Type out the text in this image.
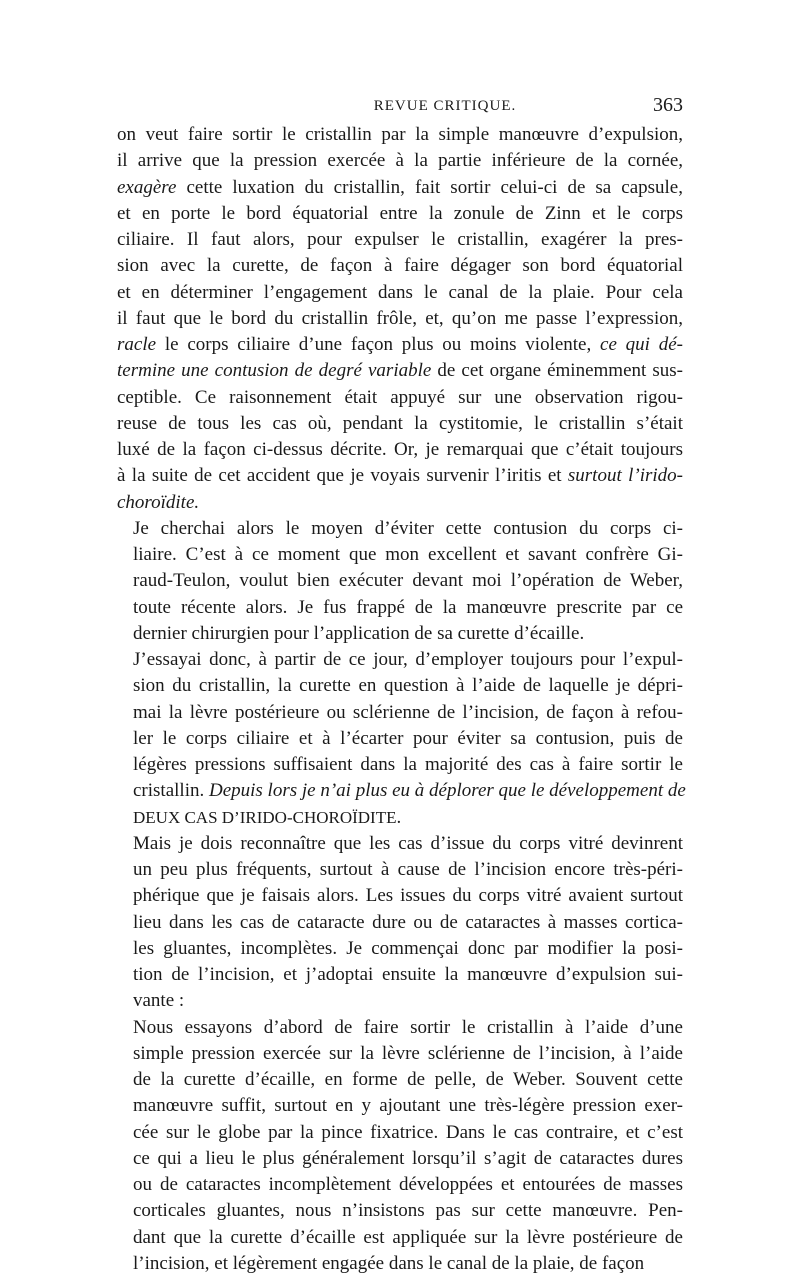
REVUE CRITIQUE.	363

on veut faire sortir le cristallin par la simple manœuvre d’expulsion,
il arrive que la pression exercée à la partie inférieure de la cornée,
exagère cette luxation du cristallin, fait sortir celui-ci de sa capsule,
et en porte le bord équatorial entre la zonule de Zinn et le corps
ciliaire. Il faut alors, pour expulser le cristallin, exagérer la pres-
sion avec la curette, de façon à faire dégager son bord équatorial
et en déterminer l’engagement dans le canal de la plaie. Pour cela
il faut que le bord du cristallin frôle, et, qu’on me passe l’expression,
racle le corps ciliaire d’une façon plus ou moins violente, ce qui dé-
termine une contusion de degré variable de cet organe éminemment sus-
ceptible. Ce raisonnement était appuyé sur une observation rigou-
reuse de tous les cas où, pendant la cystitomie, le cristallin s’était
luxé de la façon ci-dessus décrite. Or, je remarquai que c’était toujours
à la suite de cet accident que je voyais survenir l’iritis et surtout l’irido-
choroïdite.

Je cherchai alors le moyen d’éviter cette contusion du corps ci-
liaire. C’est à ce moment que mon excellent et savant confrère Gi-
raud-Teulon, voulut bien exécuter devant moi l’opération de Weber,
toute récente alors. Je fus frappé de la manœuvre prescrite par ce
dernier chirurgien pour l’application de sa curette d’écaille.

J’essayai donc, à partir de ce jour, d’employer toujours pour l’expul-
sion du cristallin, la curette en question à l’aide de laquelle je dépri-
mai la lèvre postérieure ou sclérienne de l’incision, de façon à refou-
ler le corps ciliaire et à l’écarter pour éviter sa contusion, puis de
légères pressions suffisaient dans la majorité des cas à faire sortir le
cristallin. Depuis lors je n’ai plus eu à déplorer que le développement de
DEUX CAS D’IRIDO-CHOROÏDITE.

Mais je dois reconnaître que les cas d’issue du corps vitré devinrent
un peu plus fréquents, surtout à cause de l’incision encore très-péri-
phérique que je faisais alors. Les issues du corps vitré avaient surtout
lieu dans les cas de cataracte dure ou de cataractes à masses cortica-
les gluantes, incomplètes. Je commençai donc par modifier la posi-
tion de l’incision, et j’adoptai ensuite la manœuvre d’expulsion sui-
vante :

Nous essayons d’abord de faire sortir le cristallin à l’aide d’une
simple pression exercée sur la lèvre sclérienne de l’incision, à l’aide
de la curette d’écaille, en forme de pelle, de Weber. Souvent cette
manœuvre suffit, surtout en y ajoutant une très-légère pression exer-
cée sur le globe par la pince fixatrice. Dans le cas contraire, et c’est
ce qui a lieu le plus généralement lorsqu’il s’agit de cataractes dures
ou de cataractes incomplètement développées et entourées de masses
corticales gluantes, nous n’insistons pas sur cette manœuvre. Pen-
dant que la curette d’écaille est appliquée sur la lèvre postérieure de
l’incision, et légèrement engagée dans le canal de la plaie, de façon
